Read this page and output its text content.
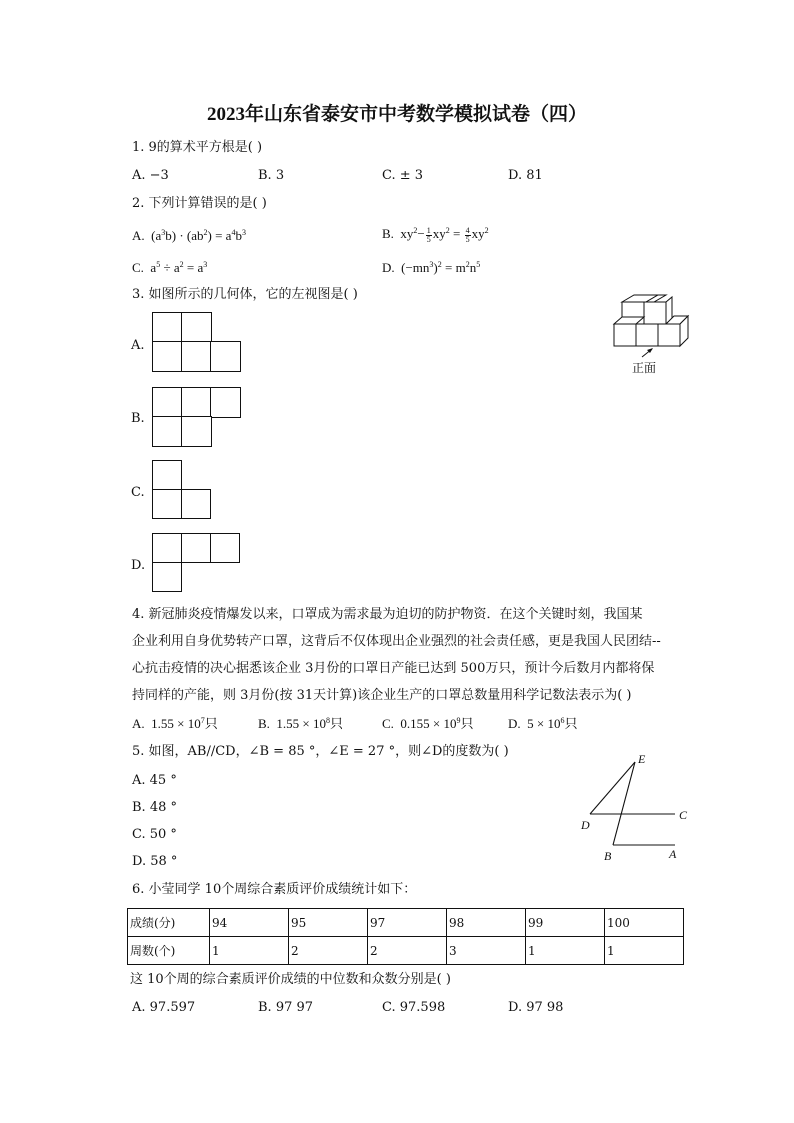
2023年山东省泰安市中考数学模拟试卷（四）
1. 9的算术平方根是( )
A. −3	B. 3	C. ± 3	D. 81
2. 下列计算错误的是( )
A.  $(a^3b) \cdot (ab^2) = a^4b^3$	B.  $xy^2- \frac{1}{5} xy^2 = \frac{4}{5} xy^2$
C.  $a^5 \div a^2 = a^3$	D.  $(-mn^3)^2 = m^2n^5$
3. 如图所示的几何体，它的左视图是( )
A.
B.
C.
D.
正面
4. 新冠肺炎疫情爆发以来，口罩成为需求最为迫切的防护物资．在这个关键时刻，我国某
企业利用自身优势转产口罩，这背后不仅体现出企业强烈的社会责任感，更是我国人民团结--
心抗击疫情的决心据悉该企业 3月份的口罩日产能已达到 500万只，预计今后数月内都将保
持同样的产能，则 3月份(按 31天计算)该企业生产的口罩总数量用科学记数法表示为( )
A.  $1.55 \times 10^7$只	B.  $1.55 \times 10^8$只	C.  $0.155 \times 10^9$只	D.  $5 \times 10^6$只
5. 如图，AB//CD，∠B = 85 °，∠E = 27 °，则∠D的度数为( )
A. 45 °
B. 48 °
C. 50 °
D. 58 °
E
D
C
B	A
6. 小莹同学 10个周综合素质评价成绩统计如下：
成绩(分)	94	95	97	98	99	100
周数(个)	1	2	2	3	1	1
这 10个周的综合素质评价成绩的中位数和众数分别是( )
A. 97.597	B. 97 97	C. 97.598	D. 97 98
